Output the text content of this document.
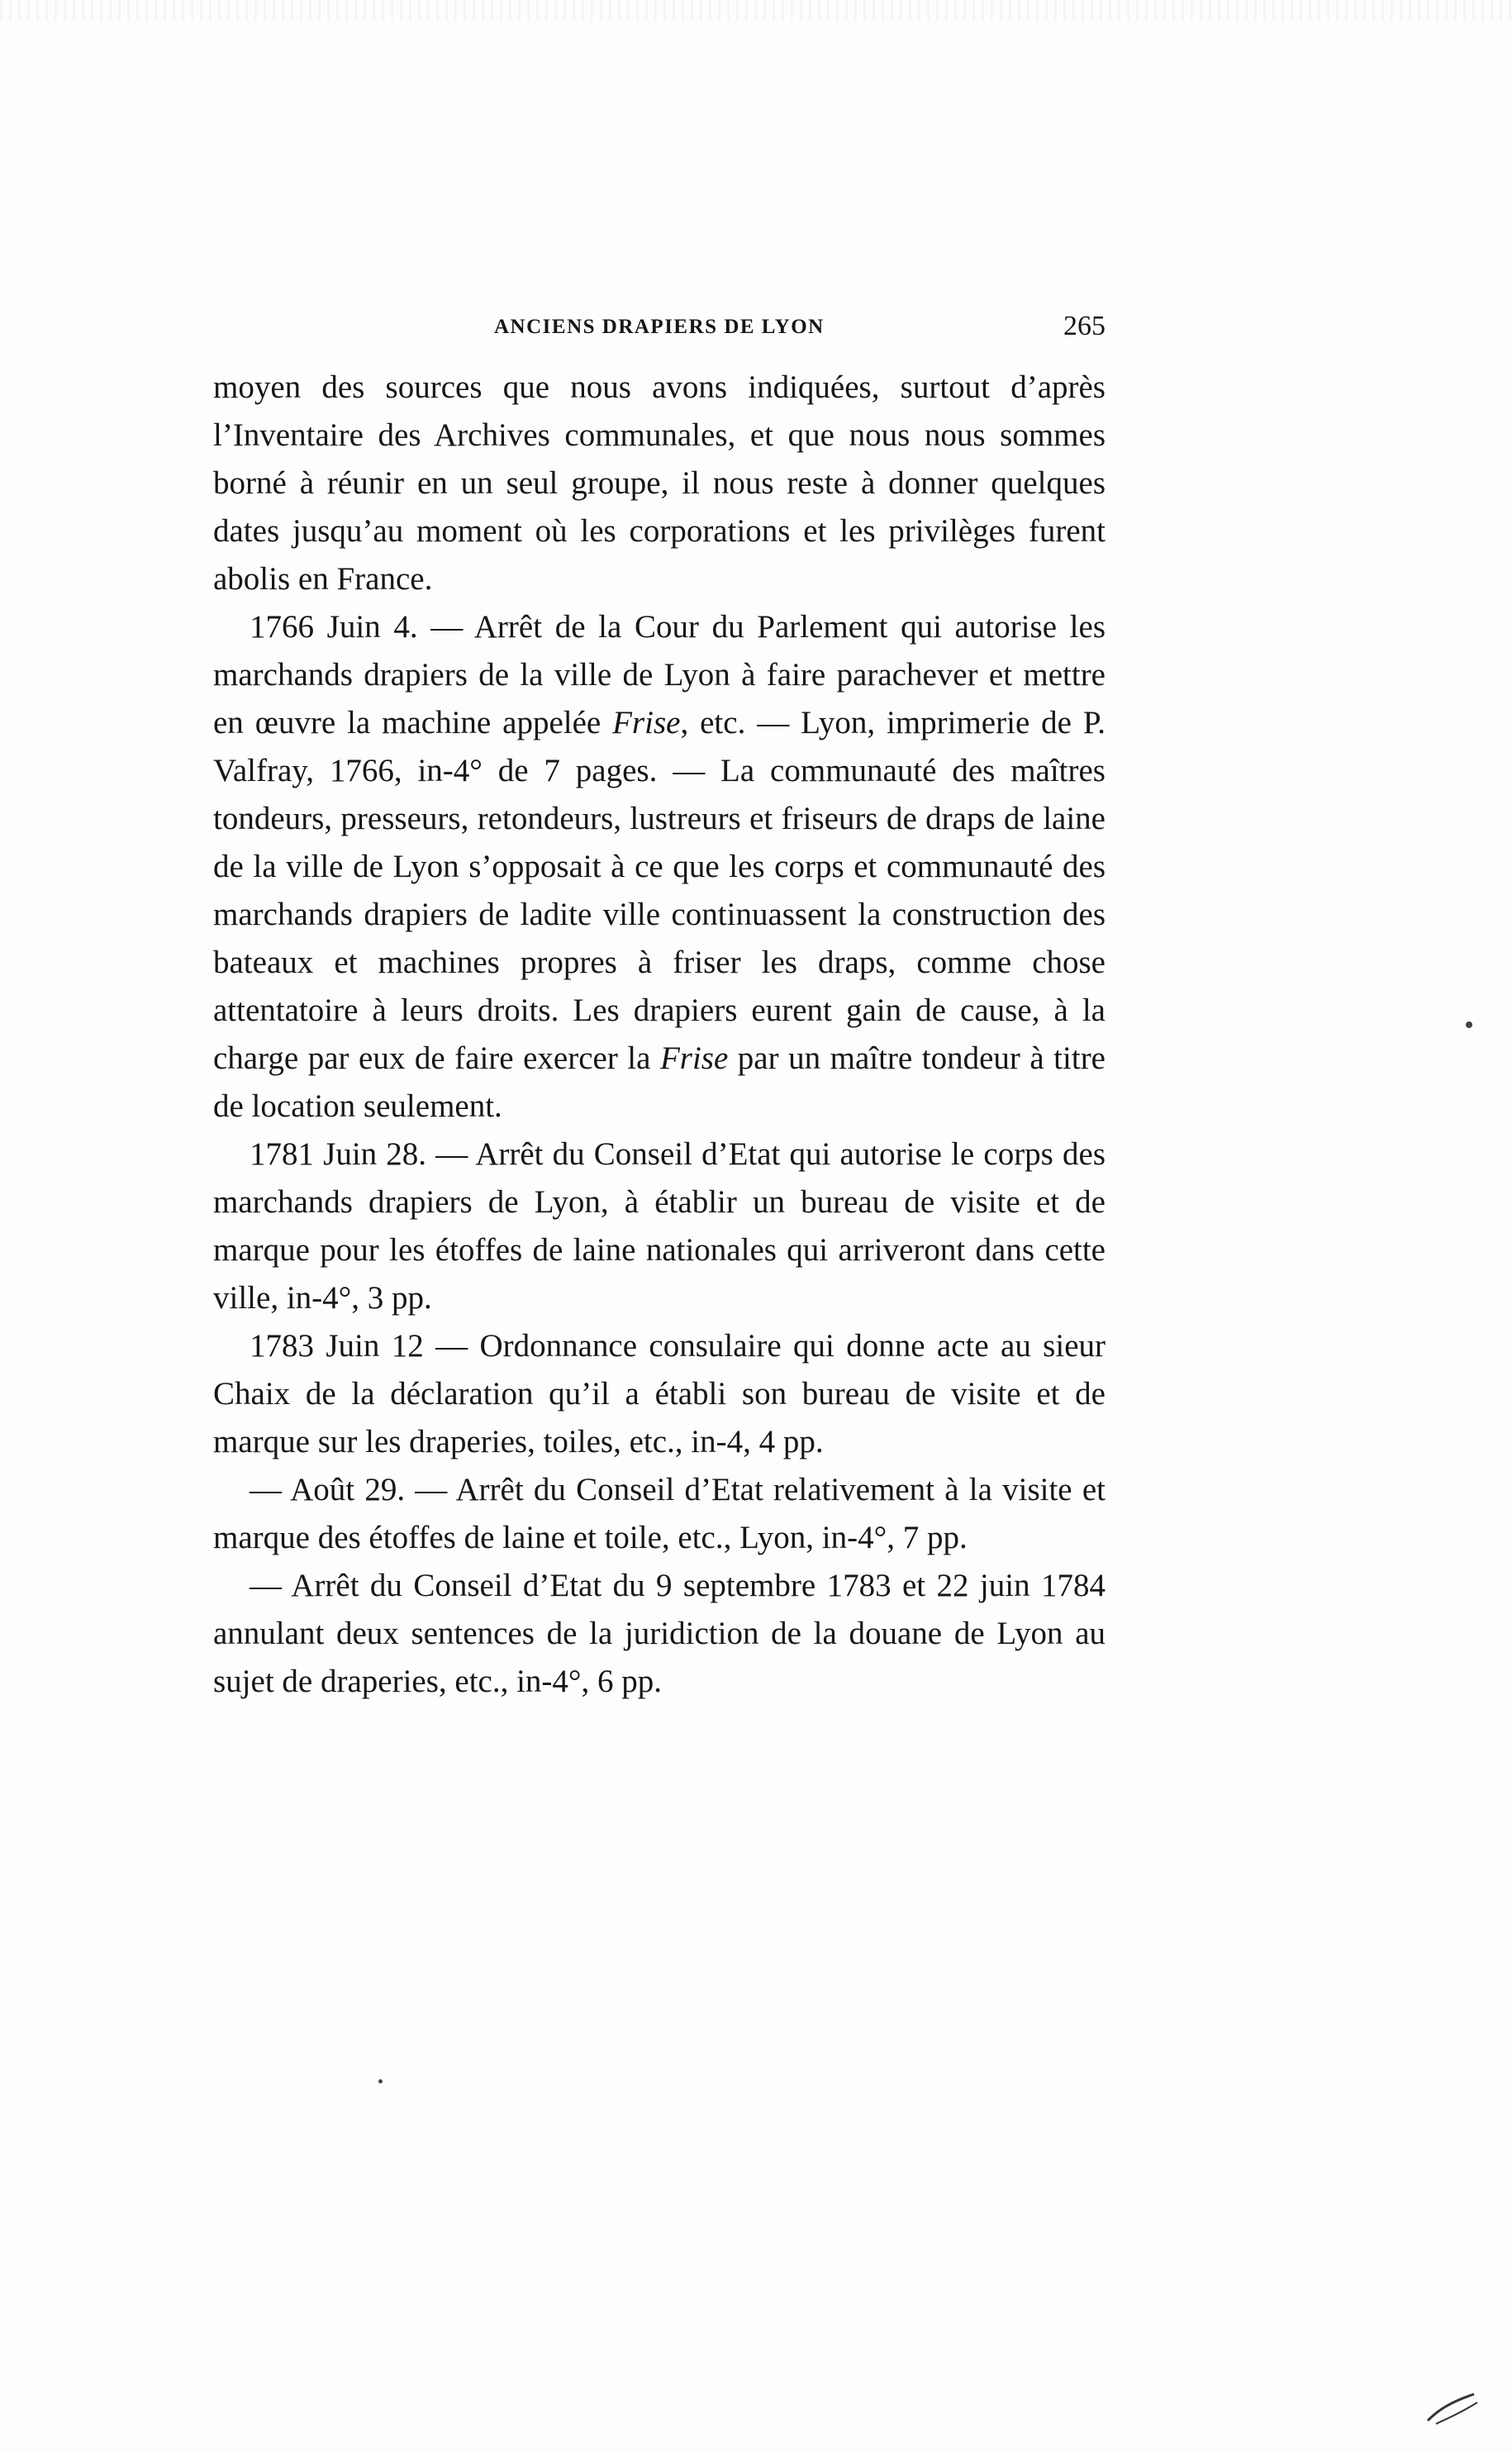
ANCIENS DRAPIERS DE LYON	265

moyen des sources que nous avons indiquées, surtout d’après l’Inventaire des Archives communales, et que nous nous sommes borné à réunir en un seul groupe, il nous reste à donner quelques dates jusqu’au moment où les corporations et les privilèges furent abolis en France.

1766 Juin 4. — Arrêt de la Cour du Parlement qui autorise les marchands drapiers de la ville de Lyon à faire parachever et mettre en œuvre la machine appelée Frise, etc. — Lyon, imprimerie de P. Valfray, 1766, in-4° de 7 pages. — La communauté des maîtres tondeurs, presseurs, retondeurs, lustreurs et friseurs de draps de laine de la ville de Lyon s’opposait à ce que les corps et communauté des marchands drapiers de ladite ville continuassent la construction des bateaux et machines propres à friser les draps, comme chose attentatoire à leurs droits. Les drapiers eurent gain de cause, à la charge par eux de faire exercer la Frise par un maître tondeur à titre de location seulement.

1781 Juin 28. — Arrêt du Conseil d’Etat qui autorise le corps des marchands drapiers de Lyon, à établir un bureau de visite et de marque pour les étoffes de laine nationales qui arriveront dans cette ville, in-4°, 3 pp.

1783 Juin 12 — Ordonnance consulaire qui donne acte au sieur Chaix de la déclaration qu’il a établi son bureau de visite et de marque sur les draperies, toiles, etc., in-4, 4 pp.

— Août 29. — Arrêt du Conseil d’Etat relativement à la visite et marque des étoffes de laine et toile, etc., Lyon, in-4°, 7 pp.

— Arrêt du Conseil d’Etat du 9 septembre 1783 et 22 juin 1784 annulant deux sentences de la juridiction de la douane de Lyon au sujet de draperies, etc., in-4°, 6 pp.
